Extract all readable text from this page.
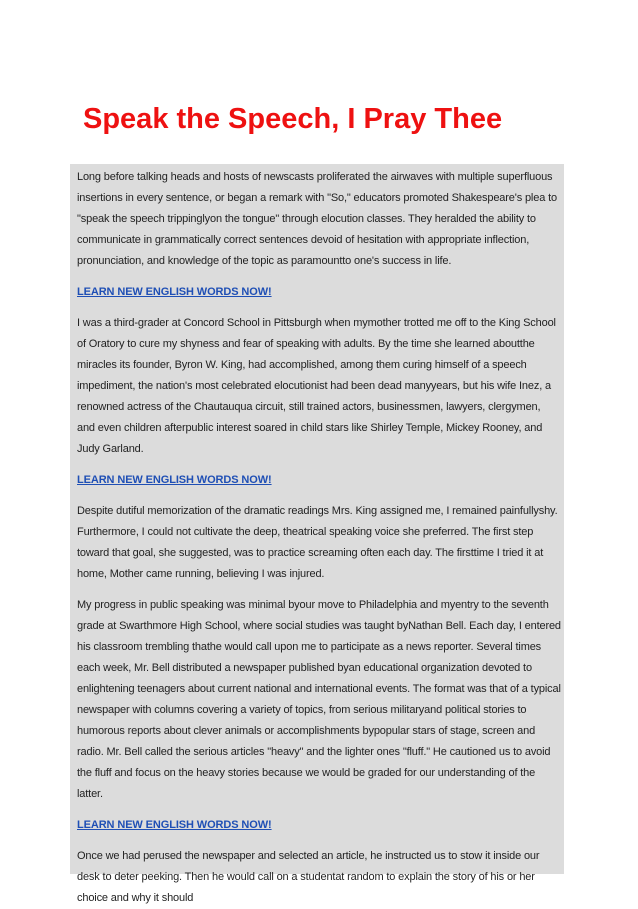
Speak the Speech, I Pray Thee

Long before talking heads and hosts of newscasts proliferated the airwaves with multiple superfluous insertions in every sentence, or began a remark with "So," educators promoted Shakespeare's plea to "speak the speech trippinglyon the tongue" through elocution classes. They heralded the ability to communicate in grammatically correct sentences devoid of hesitation with appropriate inflection, pronunciation, and knowledge of the topic as paramountto one's success in life.

LEARN NEW ENGLISH WORDS NOW!

I was a third-grader at Concord School in Pittsburgh when mymother trotted me off to the King School of Oratory to cure my shyness and fear of speaking with adults. By the time she learned aboutthe miracles its founder, Byron W. King, had accomplished, among them curing himself of a speech impediment, the nation's most celebrated elocutionist had been dead manyyears, but his wife Inez, a renowned actress of the Chautauqua circuit, still trained actors, businessmen, lawyers, clergymen, and even children afterpublic interest soared in child stars like Shirley Temple, Mickey Rooney, and Judy Garland.

LEARN NEW ENGLISH WORDS NOW!

Despite dutiful memorization of the dramatic readings Mrs. King assigned me, I remained painfullyshy. Furthermore, I could not cultivate the deep, theatrical speaking voice she preferred. The first step toward that goal, she suggested, was to practice screaming often each day. The firsttime I tried it at home, Mother came running, believing I was injured.

My progress in public speaking was minimal byour move to Philadelphia and myentry to the seventh grade at Swarthmore High School, where social studies was taught byNathan Bell. Each day, I entered his classroom trembling thathe would call upon me to participate as a news reporter. Several times each week, Mr. Bell distributed a newspaper published byan educational organization devoted to enlightening teenagers about current national and international events. The format was that of a typical newspaper with columns covering a variety of topics, from serious militaryand political stories to humorous reports about clever animals or accomplishments bypopular stars of stage, screen and radio. Mr. Bell called the serious articles "heavy" and the lighter ones "fluff." He cautioned us to avoid the fluff and focus on the heavy stories because we would be graded for our understanding of the latter.

LEARN NEW ENGLISH WORDS NOW!

Once we had perused the newspaper and selected an article, he instructed us to stow it inside our desk to deter peeking. Then he would call on a studentat random to explain the story of his or her choice and why it should
